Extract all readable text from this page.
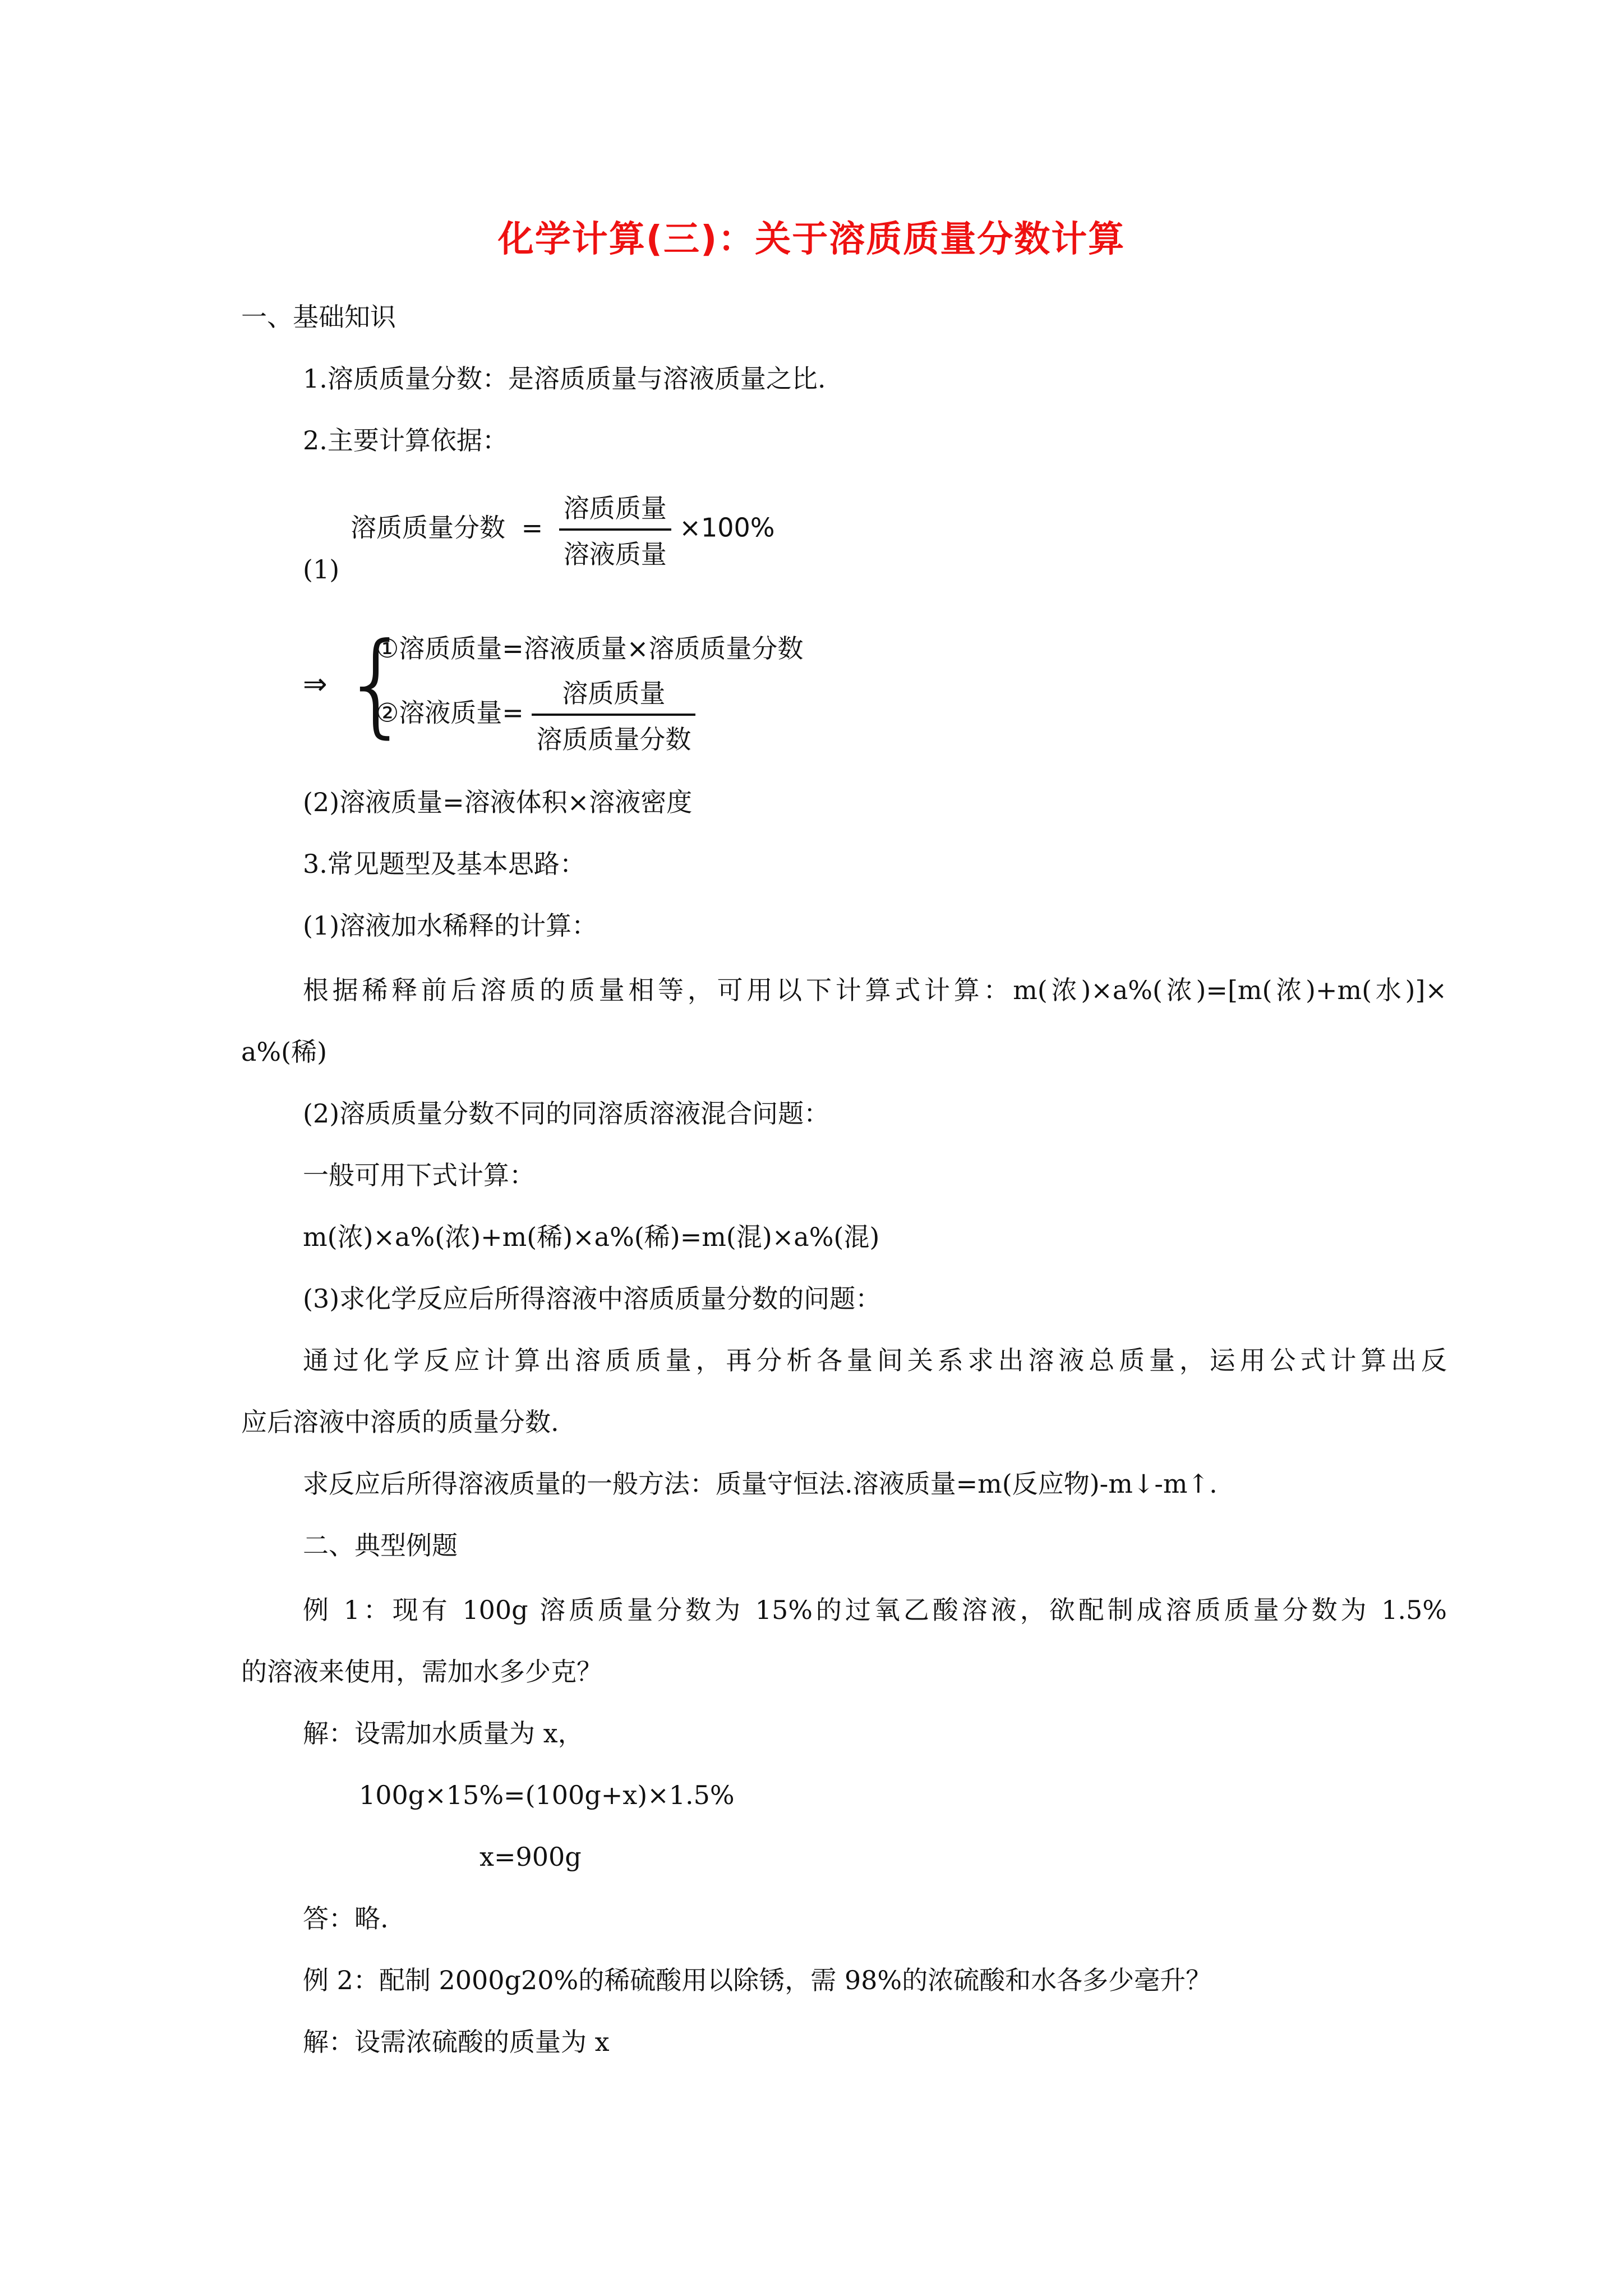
化学计算(三)：关于溶质质量分数计算
一、基础知识
1.溶质质量分数：是溶质质量与溶液质量之比.
2.主要计算依据：
(1)
溶质质量分数 = $\frac{\text{溶质质量}}{\text{溶液质量}} \times 100\%$
⇒ {
①溶质质量=溶液质量×溶质质量分数
②溶液质量= $\frac{\text{溶质质量}}{\text{溶质质量分数}}$
(2)溶液质量=溶液体积×溶液密度
3.常见题型及基本思路：
(1)溶液加水稀释的计算：
根据稀释前后溶质的质量相等，可用以下计算式计算：m(浓)×a%(浓)=[m(浓)+m(水)]×
a%(稀)
(2)溶质质量分数不同的同溶质溶液混合问题：
一般可用下式计算：
m(浓)×a%(浓)+m(稀)×a%(稀)=m(混)×a%(混)
(3)求化学反应后所得溶液中溶质质量分数的问题：
通过化学反应计算出溶质质量，再分析各量间关系求出溶液总质量，运用公式计算出反
应后溶液中溶质的质量分数.
求反应后所得溶液质量的一般方法：质量守恒法.溶液质量=m(反应物)-m↓-m↑.
二、典型例题
例 1：现有 100g 溶质质量分数为 15%的过氧乙酸溶液，欲配制成溶质质量分数为 1.5%
的溶液来使用，需加水多少克？
解：设需加水质量为 x，
100g×15%=(100g+x)×1.5%
x=900g
答：略.
例 2：配制 2000g20%的稀硫酸用以除锈，需 98%的浓硫酸和水各多少毫升？
解：设需浓硫酸的质量为 x
